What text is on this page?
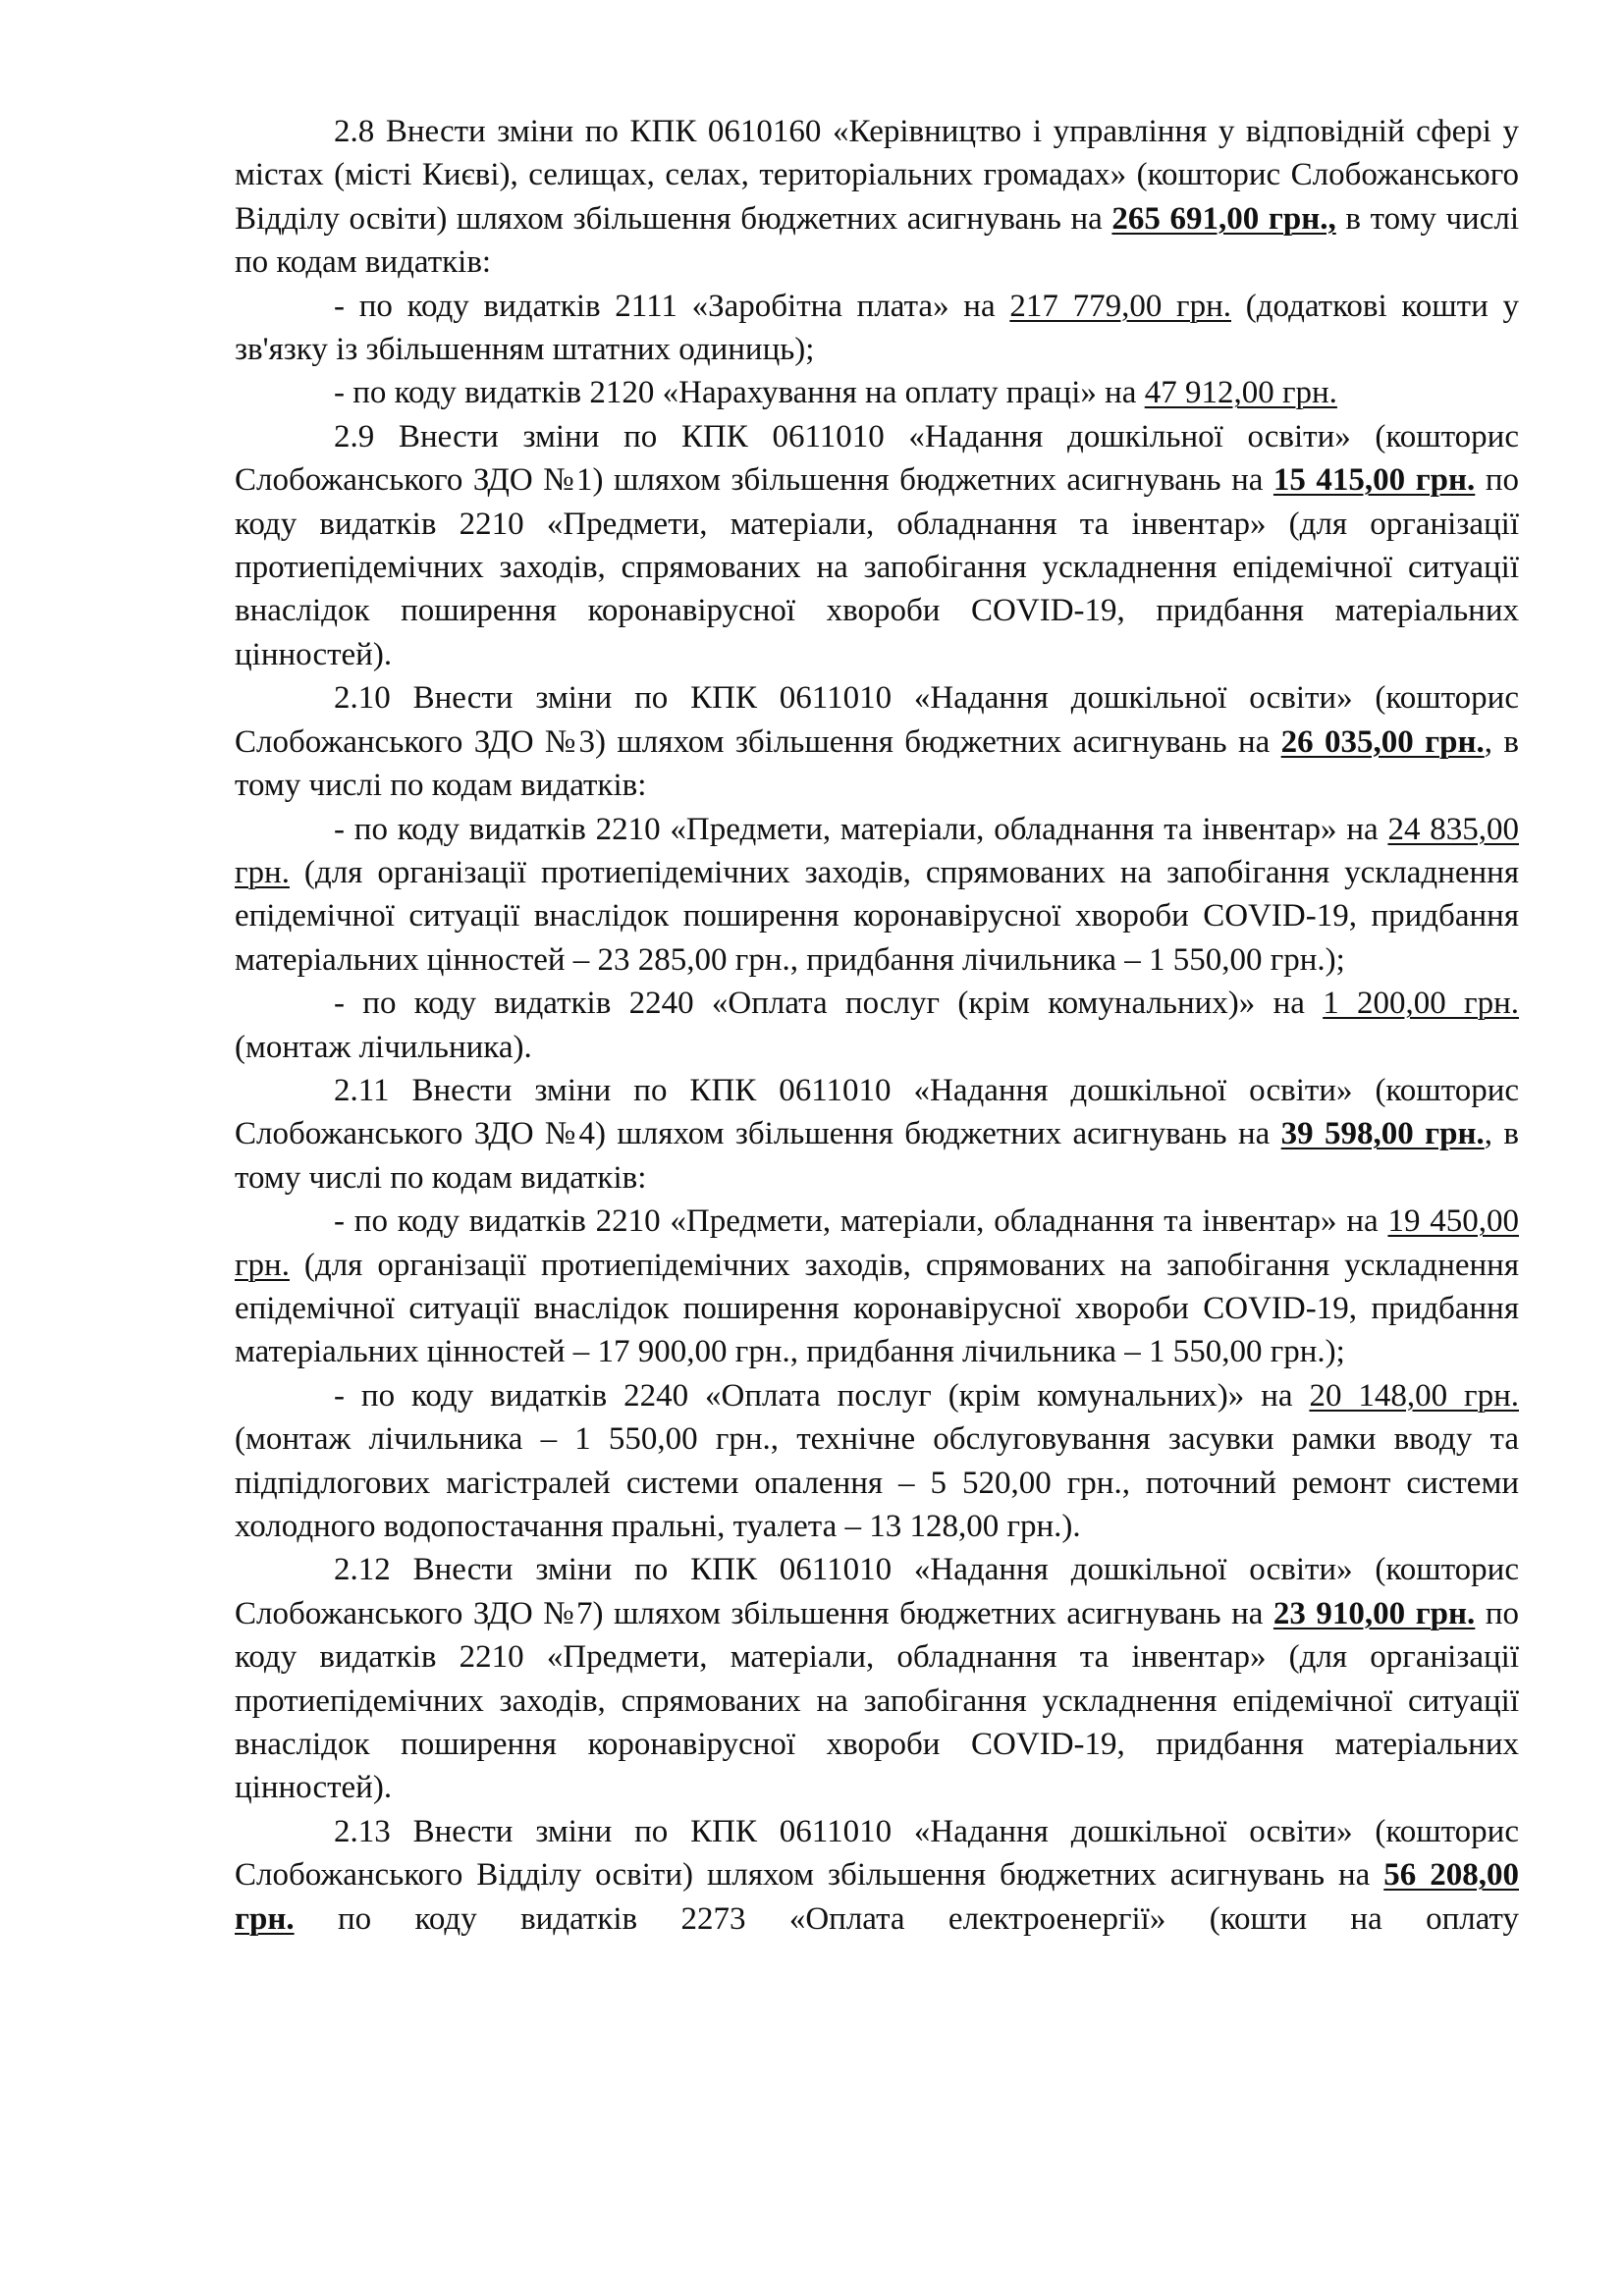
2.8 Внести зміни по КПК 0610160 «Керівництво і управління у відповідній сфері у містах (місті Києві), селищах, селах, територіальних громадах» (кошторис Слобожанського Відділу освіти) шляхом збільшення бюджетних асигнувань на 265 691,00 грн., в тому числі по кодам видатків:

- по коду видатків 2111 «Заробітна плата» на 217 779,00 грн. (додаткові кошти у зв'язку із збільшенням штатних одиниць);

- по коду видатків 2120 «Нарахування на оплату праці» на 47 912,00 грн.

2.9 Внести зміни по КПК 0611010 «Надання дошкільної освіти» (кошторис Слобожанського ЗДО №1) шляхом збільшення бюджетних асигнувань на 15 415,00 грн. по коду видатків 2210 «Предмети, матеріали, обладнання та інвентар» (для організації протиепідемічних заходів, спрямованих на запобігання ускладнення епідемічної ситуації внаслідок поширення коронавірусної хвороби COVID-19, придбання матеріальних цінностей).

2.10 Внести зміни по КПК 0611010 «Надання дошкільної освіти» (кошторис Слобожанського ЗДО №3) шляхом збільшення бюджетних асигнувань на 26 035,00 грн., в тому числі по кодам видатків:

- по коду видатків 2210 «Предмети, матеріали, обладнання та інвентар» на 24 835,00 грн. (для організації протиепідемічних заходів, спрямованих на запобігання ускладнення епідемічної ситуації внаслідок поширення коронавірусної хвороби COVID-19, придбання матеріальних цінностей – 23 285,00 грн., придбання лічильника – 1 550,00 грн.);

- по коду видатків 2240 «Оплата послуг (крім комунальних)» на 1 200,00 грн. (монтаж лічильника).

2.11 Внести зміни по КПК 0611010 «Надання дошкільної освіти» (кошторис Слобожанського ЗДО №4) шляхом збільшення бюджетних асигнувань на 39 598,00 грн., в тому числі по кодам видатків:

- по коду видатків 2210 «Предмети, матеріали, обладнання та інвентар» на 19 450,00 грн. (для організації протиепідемічних заходів, спрямованих на запобігання ускладнення епідемічної ситуації внаслідок поширення коронавірусної хвороби COVID-19, придбання матеріальних цінностей – 17 900,00 грн., придбання лічильника – 1 550,00 грн.);

- по коду видатків 2240 «Оплата послуг (крім комунальних)» на 20 148,00 грн. (монтаж лічильника – 1 550,00 грн., технічне обслуговування засувки рамки вводу та підпідлогових магістралей системи опалення – 5 520,00 грн., поточний ремонт системи холодного водопостачання пральні, туалета – 13 128,00 грн.).

2.12 Внести зміни по КПК 0611010 «Надання дошкільної освіти» (кошторис Слобожанського ЗДО №7) шляхом збільшення бюджетних асигнувань на 23 910,00 грн. по коду видатків 2210 «Предмети, матеріали, обладнання та інвентар» (для організації протиепідемічних заходів, спрямованих на запобігання ускладнення епідемічної ситуації внаслідок поширення коронавірусної хвороби COVID-19, придбання матеріальних цінностей).

2.13 Внести зміни по КПК 0611010 «Надання дошкільної освіти» (кошторис Слобожанського Відділу освіти) шляхом збільшення бюджетних асигнувань на 56 208,00 грн. по коду видатків 2273 «Оплата електроенергії» (кошти на оплату
